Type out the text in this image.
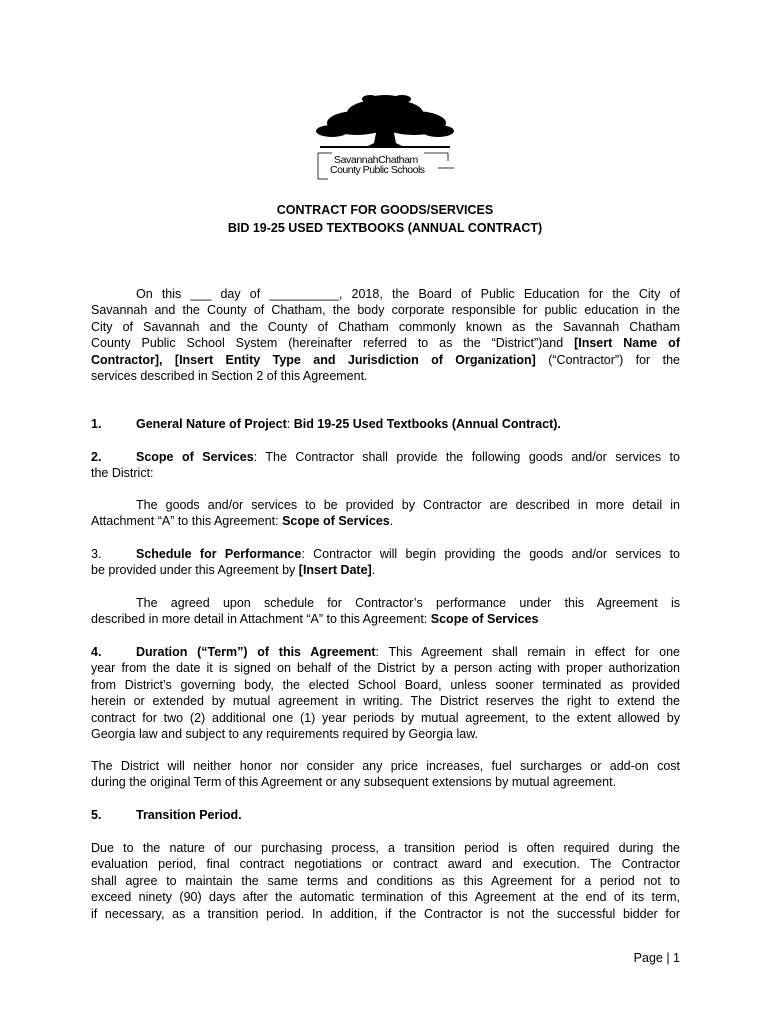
SavannahChatham
County Public Schools
CONTRACT FOR GOODS/SERVICES
BID 19-25 USED TEXTBOOKS (ANNUAL CONTRACT)
On this ___ day of __________, 2018, the Board of Public Education for the City of
Savannah and the County of Chatham, the body corporate responsible for public education in the
City of Savannah and the County of Chatham commonly known as the Savannah Chatham
County Public School System (hereinafter referred to as the “District”)and [Insert Name of
Contractor], [Insert Entity Type and Jurisdiction of Organization] (“Contractor”) for the
services described in Section 2 of this Agreement.
1.	General Nature of Project: Bid 19-25 Used Textbooks (Annual Contract).
2.	Scope of Services: The Contractor shall provide the following goods and/or services to
the District:
The goods and/or services to be provided by Contractor are described in more detail in
Attachment “A” to this Agreement: Scope of Services.
3.	Schedule for Performance: Contractor will begin providing the goods and/or services to
be provided under this Agreement by [Insert Date].
The agreed upon schedule for Contractor’s performance under this Agreement is
described in more detail in Attachment “A” to this Agreement: Scope of Services
4.	Duration (“Term”) of this Agreement: This Agreement shall remain in effect for one
year from the date it is signed on behalf of the District by a person acting with proper authorization
from District’s governing body, the elected School Board, unless sooner terminated as provided
herein or extended by mutual agreement in writing. The District reserves the right to extend the
contract for two (2) additional one (1) year periods by mutual agreement, to the extent allowed by
Georgia law and subject to any requirements required by Georgia law.
The District will neither honor nor consider any price increases, fuel surcharges or add-on cost
during the original Term of this Agreement or any subsequent extensions by mutual agreement.
5.	Transition Period.
Due to the nature of our purchasing process, a transition period is often required during the
evaluation period, final contract negotiations or contract award and execution. The Contractor
shall agree to maintain the same terms and conditions as this Agreement for a period not to
exceed ninety (90) days after the automatic termination of this Agreement at the end of its term,
if necessary, as a transition period. In addition, if the Contractor is not the successful bidder for
Page | 1
